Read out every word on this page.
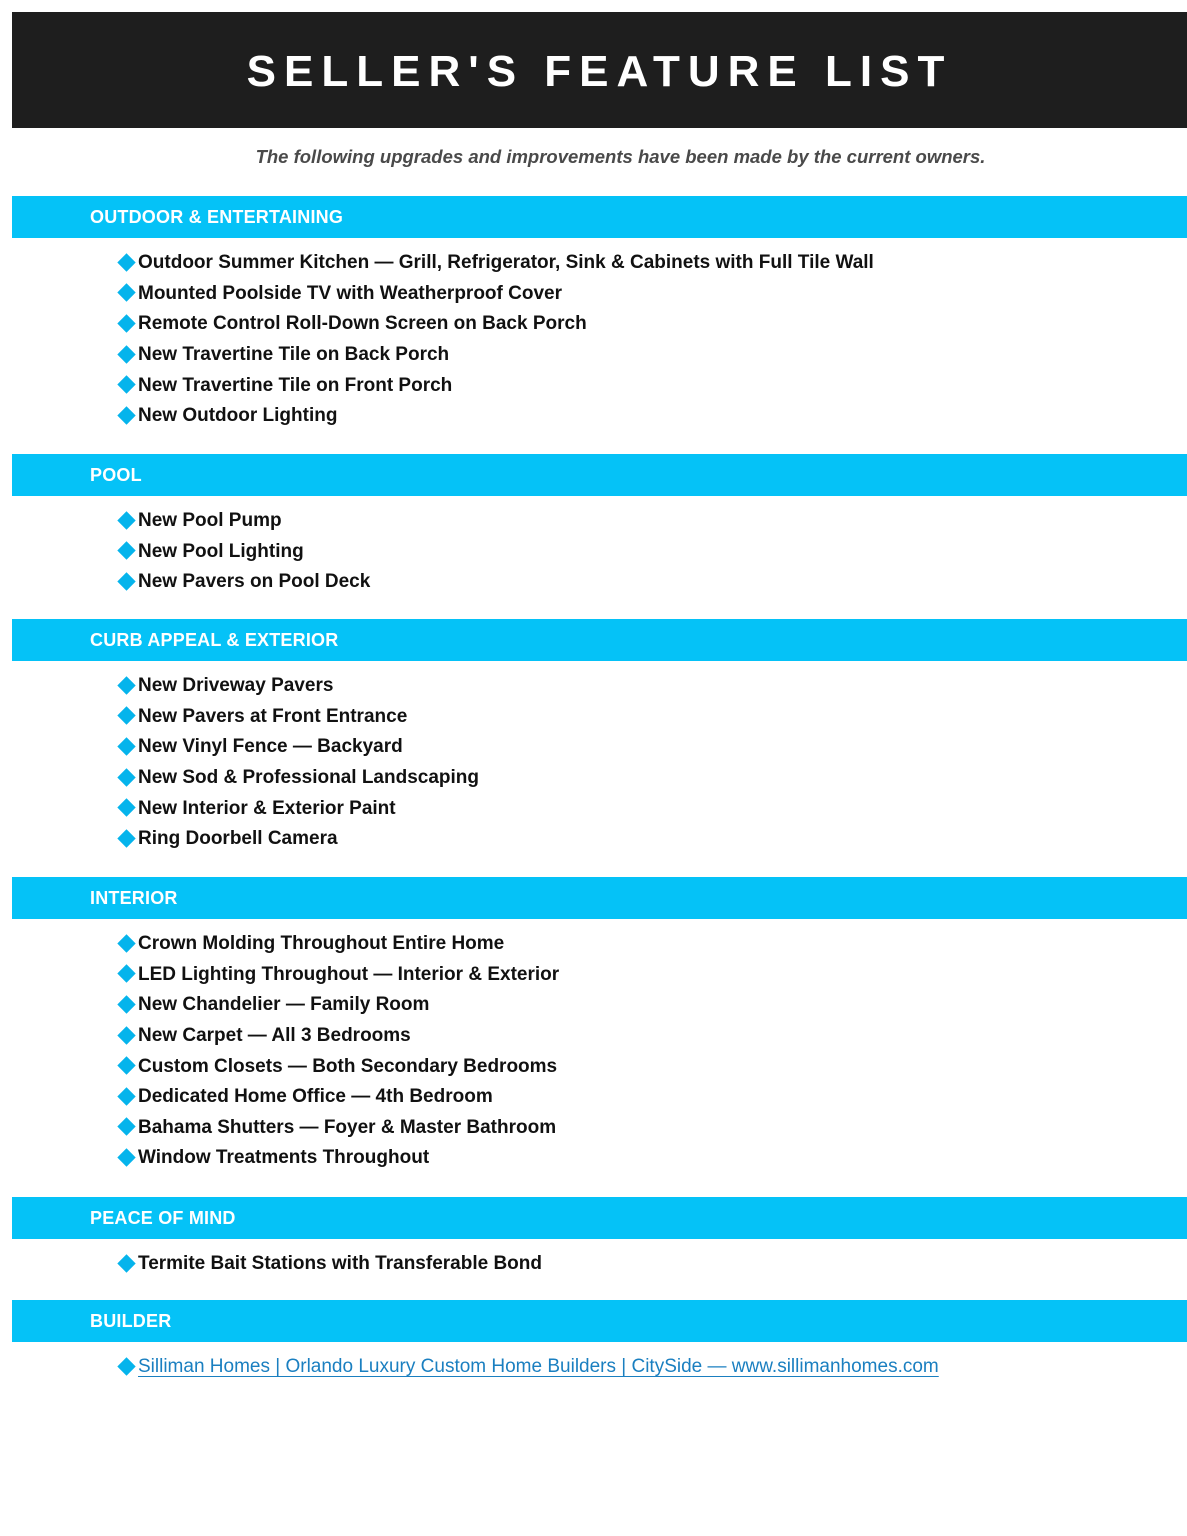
SELLER'S FEATURE LIST
The following upgrades and improvements have been made by the current owners.
OUTDOOR & ENTERTAINING
Outdoor Summer Kitchen — Grill, Refrigerator, Sink & Cabinets with Full Tile Wall
Mounted Poolside TV with Weatherproof Cover
Remote Control Roll-Down Screen on Back Porch
New Travertine Tile on Back Porch
New Travertine Tile on Front Porch
New Outdoor Lighting
POOL
New Pool Pump
New Pool Lighting
New Pavers on Pool Deck
CURB APPEAL & EXTERIOR
New Driveway Pavers
New Pavers at Front Entrance
New Vinyl Fence — Backyard
New Sod & Professional Landscaping
New Interior & Exterior Paint
Ring Doorbell Camera
INTERIOR
Crown Molding Throughout Entire Home
LED Lighting Throughout — Interior & Exterior
New Chandelier — Family Room
New Carpet — All 3 Bedrooms
Custom Closets — Both Secondary Bedrooms
Dedicated Home Office — 4th Bedroom
Bahama Shutters — Foyer & Master Bathroom
Window Treatments Throughout
PEACE OF MIND
Termite Bait Stations with Transferable Bond
BUILDER
Silliman Homes | Orlando Luxury Custom Home Builders | CitySide — www.sillimanhomes.com
